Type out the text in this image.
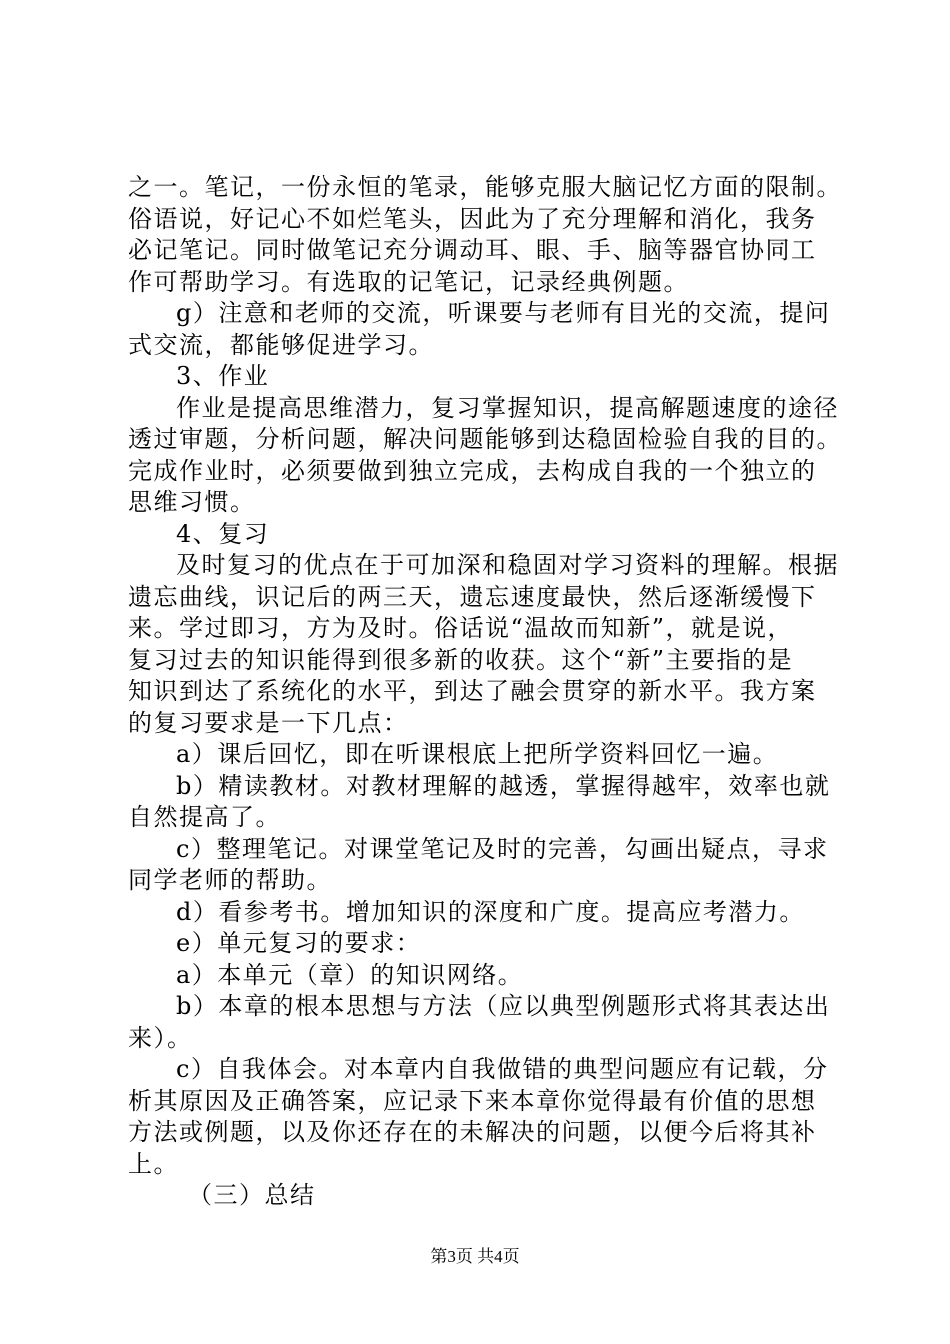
之一。笔记，一份永恒的笔录，能够克服大脑记忆方面的限制。
俗语说，好记心不如烂笔头，因此为了充分理解和消化，我务
必记笔记。同时做笔记充分调动耳、眼、手、脑等器官协同工
作可帮助学习。有选取的记笔记，记录经典例题。
g）注意和老师的交流，听课要与老师有目光的交流，提问
式交流，都能够促进学习。
3、作业
作业是提高思维潜力，复习掌握知识，提高解题速度的途径
透过审题，分析问题，解决问题能够到达稳固检验自我的目的。
完成作业时，必须要做到独立完成，去构成自我的一个独立的
思维习惯。
4、复习
及时复习的优点在于可加深和稳固对学习资料的理解。根据
遗忘曲线，识记后的两三天，遗忘速度最快，然后逐渐缓慢下
来。学过即习，方为及时。俗话说“温故而知新”，就是说，
复习过去的知识能得到很多新的收获。这个“新”主要指的是
知识到达了系统化的水平，到达了融会贯穿的新水平。我方案
的复习要求是一下几点：
a）课后回忆，即在听课根底上把所学资料回忆一遍。
b）精读教材。对教材理解的越透，掌握得越牢，效率也就
自然提高了。
c）整理笔记。对课堂笔记及时的完善，勾画出疑点，寻求
同学老师的帮助。
d）看参考书。增加知识的深度和广度。提高应考潜力。
e）单元复习的要求：
a）本单元（章）的知识网络。
b）本章的根本思想与方法（应以典型例题形式将其表达出
来）。
c）自我体会。对本章内自我做错的典型问题应有记载，分
析其原因及正确答案，应记录下来本章你觉得最有价值的思想
方法或例题，以及你还存在的未解决的问题，以便今后将其补
上。
（三）总结
第3页 共4页
